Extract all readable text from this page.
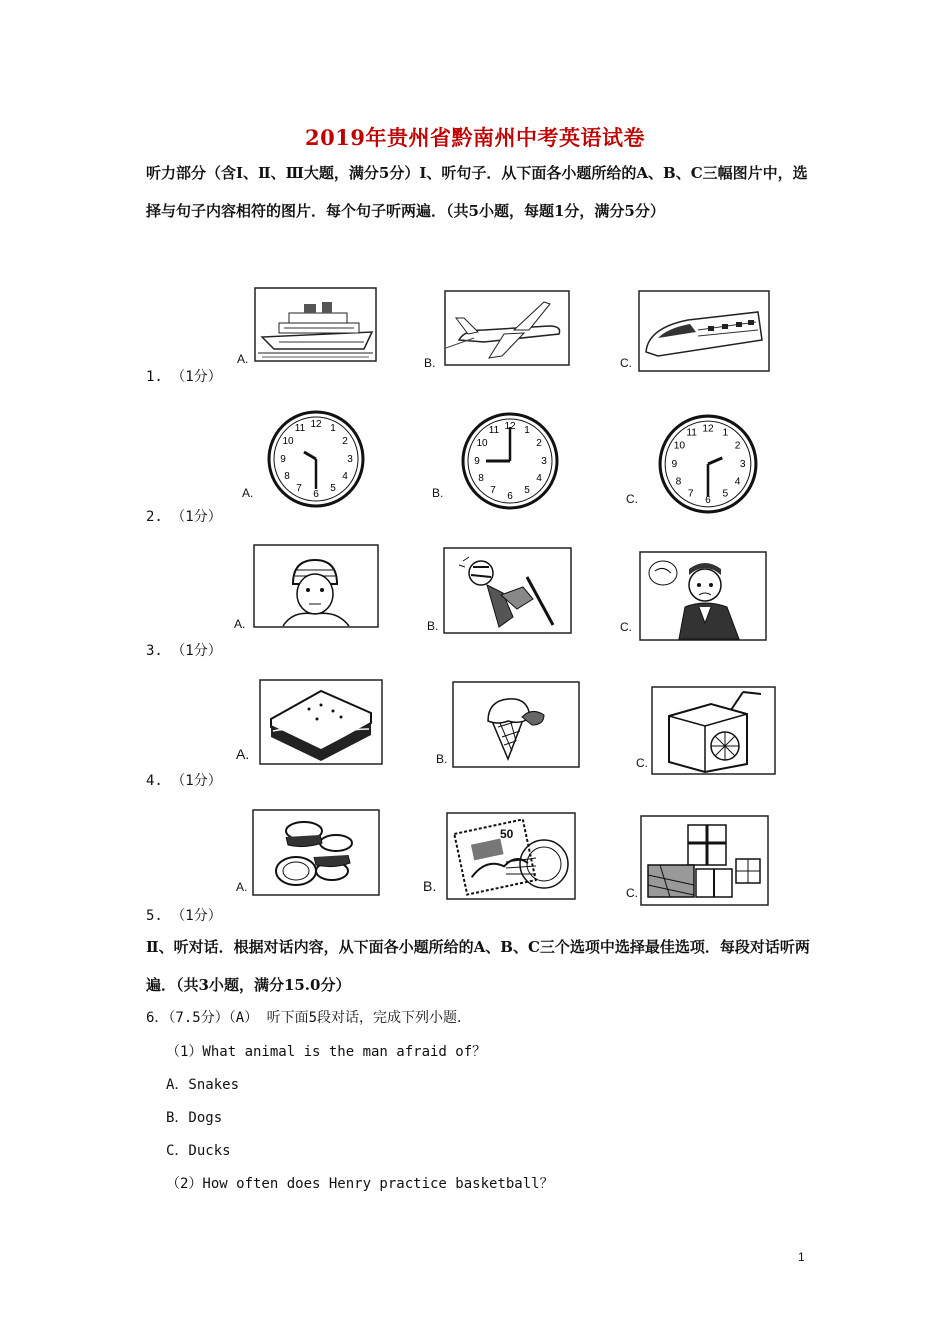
2019年贵州省黔南州中考英语试卷
听力部分（含Ⅰ、Ⅱ、Ⅲ大题，满分5分）Ⅰ、听句子．从下面各小题所给的A、B、C三幅图片中，选择与句子内容相符的图片．每个句子听两遍．（共5小题，每题1分，满分5分）
1. （1分）
A.	B.	C.
2. （1分）
A.
12 1
2
3
4
5
6
7
8
9
10
11
B.
12 1
2
3
4
5
6
7
8
9
10
11
C.
12 1
2
3
4
5
6
7
8
9
10
11
3. （1分）
A.	B.	C.
4. （1分）
A.	B.	C.
5. （1分）
A.	B.
50
C.
Ⅱ、听对话．根据对话内容，从下面各小题所给的A、B、C三个选项中选择最佳选项．每段对话听两遍．（共3小题，满分15.0分）
6．（7.5分）（A） 听下面5段对话，完成下列小题．
（1）What animal is the man afraid of？
A．Snakes
B．Dogs
C．Ducks
（2）How often does Henry practice basketball？
1
